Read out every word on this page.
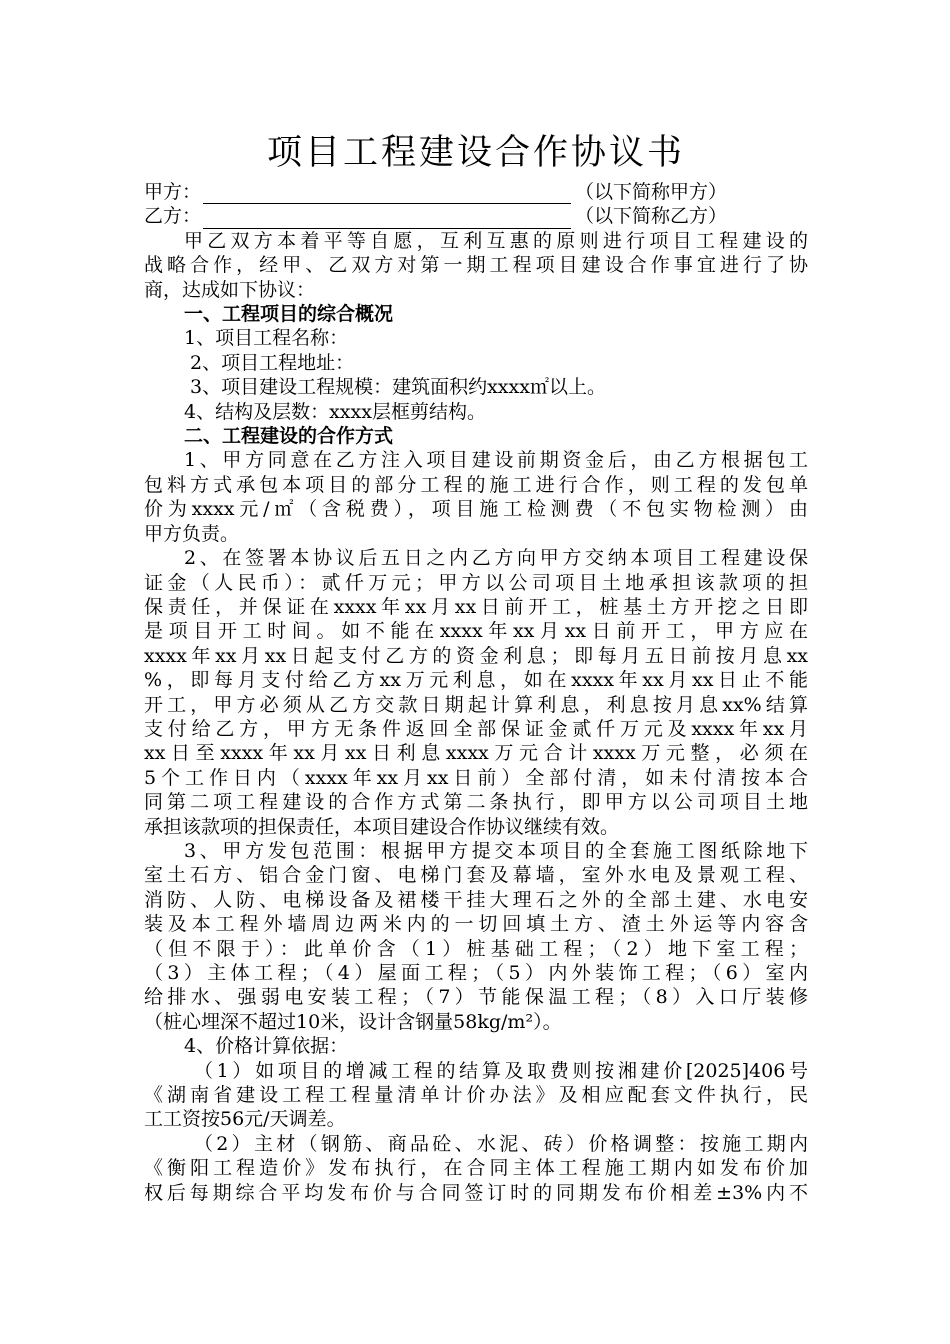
项目工程建设合作协议书
甲方：	（以下简称甲方）
乙方：	（以下简称乙方）
甲乙双方本着平等自愿，互利互惠的原则进行项目工程建设的
战略合作，经甲、乙双方对第一期工程项目建设合作事宜进行了协
商，达成如下协议：
一、工程项目的综合概况
1、项目工程名称：
2、项目工程地址：
3、项目建设工程规模：建筑面积约xxxx㎡以上。
4、结构及层数：xxxx层框剪结构。
二、工程建设的合作方式
1、甲方同意在乙方注入项目建设前期资金后，由乙方根据包工
包料方式承包本项目的部分工程的施工进行合作，则工程的发包单
价为xxxx元/㎡（含税费），项目施工检测费（不包实物检测）由
甲方负责。
2、在签署本协议后五日之内乙方向甲方交纳本项目工程建设保
证金（人民币）：贰仟万元；甲方以公司项目土地承担该款项的担
保责任，并保证在xxxx年xx月xx日前开工，桩基土方开挖之日即
是项目开工时间。如不能在xxxx年xx月xx日前开工，甲方应在
xxxx年xx月xx日起支付乙方的资金利息；即每月五日前按月息xx
%，即每月支付给乙方xx万元利息，如在xxxx年xx月xx日止不能
开工，甲方必须从乙方交款日期起计算利息，利息按月息xx%结算
支付给乙方，甲方无条件返回全部保证金贰仟万元及xxxx年xx月
xx日至xxxx年xx月xx日利息xxxx万元合计xxxx万元整，必须在
5个工作日内（xxxx年xx月xx日前）全部付清，如未付清按本合
同第二项工程建设的合作方式第二条执行，即甲方以公司项目土地
承担该款项的担保责任，本项目建设合作协议继续有效。
3、甲方发包范围：根据甲方提交本项目的全套施工图纸除地下
室土石方、铝合金门窗、电梯门套及幕墙，室外水电及景观工程、
消防、人防、电梯设备及裙楼干挂大理石之外的全部土建、水电安
装及本工程外墙周边两米内的一切回填土方、渣土外运等内容含
（但不限于）：此单价含（1）桩基础工程；（2）地下室工程；
（3）主体工程；（4）屋面工程；（5）内外装饰工程；（6）室内
给排水、强弱电安装工程；（7）节能保温工程；（8）入口厅装修
（桩心埋深不超过10米，设计含钢量58kg/m²）。
4、价格计算依据：
（1）如项目的增减工程的结算及取费则按湘建价[2025]406号
《湖南省建设工程工程量清单计价办法》及相应配套文件执行，民
工工资按56元/天调差。
（2）主材（钢筋、商品砼、水泥、砖）价格调整：按施工期内
《衡阳工程造价》发布执行，在合同主体工程施工期内如发布价加
权后每期综合平均发布价与合同签订时的同期发布价相差±3%内不
